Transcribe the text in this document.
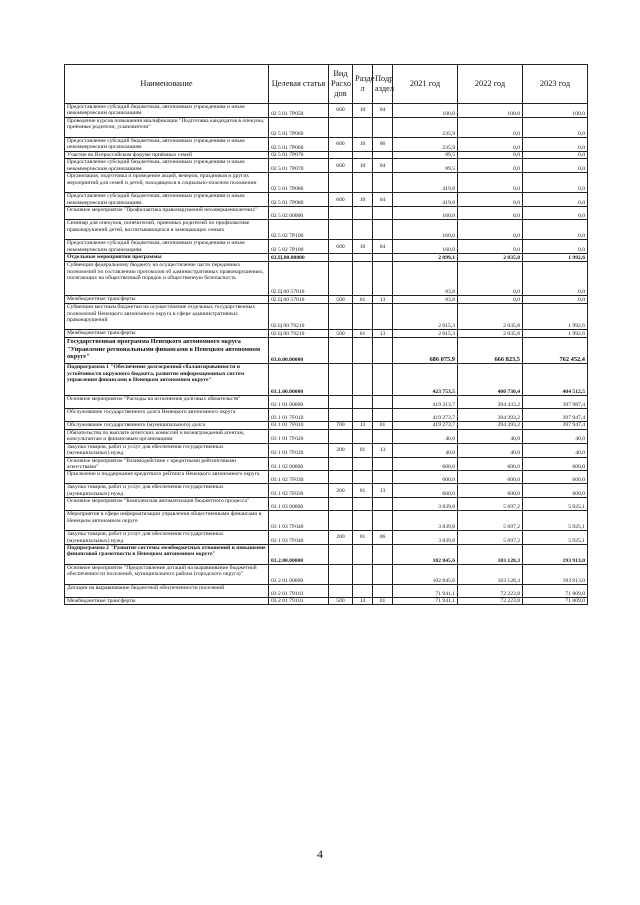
Наименование	Целевая статья	Вид Расхо дов	Разде л	Подр аздел	2021 год	2022 год	2023 год
Предоставление субсидий бюджетным, автономным учреждениям и иным некоммерческим организациям	02 5 01 7Р050	600	10	04	100,0	100,0	100,0
Проведение курсов повышения квалификации "Подготовка кандидатов в опекуны, приёмные родители, усыновители"	02 5 01 7Р060				235,9	0,0	0,0
Предоставление субсидий бюджетным, автономным учреждениям и иным некоммерческим организациям	02 5 01 7Р060	600	10	06	235,9	0,0	0,0
Участие во Всероссийском форуме приёмных семей	02 5 01 7Р070				89,5	0,0	0,0
Предоставление субсидий бюджетным, автономным учреждениям и иным некоммерческим организациям	02 5 01 7Р070	600	10	04	89,5	0,0	0,0
Организация, подготовка и проведение акций, вечеров, праздников и других мероприятий для семей и детей, находящихся в социально-опасном положении	02 5 01 7Р080				419,8	0,0	0,0
Предоставление субсидий бюджетным, автономным учреждениям и иным некоммерческим организациям	02 5 01 7Р080	600	10	04	419,8	0,0	0,0
Основное мероприятие "Профилактика правонарушений несовершеннолетних"	02 5 02 00000				160,0	0,0	0,0
Семинар для опекунов, попечителей, приемных родителей по профилактике правонарушений детей, воспитывающихся в замещающих семьях	02 5 02 7Р100				160,0	0,0	0,0
Предоставление субсидий бюджетным, автономным учреждениям и иным некоммерческим организациям	02 5 02 7Р100	600	10	04	160,0	0,0	0,0
Отдельные мероприятия программы	02.Ц.00.00000				2 099,1	2 035,8	1 992,6
Субвенции федеральному бюджету на осуществление части переданных полномочий по составлению протоколов об административных правонарушениях, посягающих на общественный порядок и общественную безопасность	02 Ц 00 57010				83,8	0,0	0,0
Межбюджетные трансферты	02 Ц 00 57010	500	01	13	83,8	0,0	0,0
Субвенции местным бюджетам на осуществление отдельных государственных полномочий Ненецкого автономного округа в сфере административных правонарушений	02 Ц 00 79210				2 015,3	2 035,8	1 992,6
Межбюджетные трансферты	02 Ц 00 79210	500	01	13	2 015,3	2 035,8	1 992,6
Государственная программа Ненецкого автономного округа "Управление региональными финансами в Ненецком автономном округе"	03.0.00.00000				686 075,9	666 823,5	762 452,4
Подпрограмма 1 "Обеспечение долгосрочной сбалансированности и устойчивости окружного бюджета, развитие информационных систем управления финансами в Ненецком автономном округе"	03.1.00.00000				423 753,5	400 730,4	404 512,5
Основное мероприятие "Расходы на исполнение долговых обязательств"	03 1 01 00000				419 313,7	394 433,2	397 987,4
Обслуживание государственного долга Ненецкого автономного округа	03 1 01 7F010				419 273,7	394 393,2	397 947,4
Обслуживание государственного (муниципального) долга	03 1 01 7F010	700	13	01	419 273,7	394 393,2	397 947,4
Обязательства по выплате агентских комиссий и вознаграждений агентам, консультантам и финансовым организациям	03 1 01 7F020				40,0	40,0	40,0
Закупка товаров, работ и услуг для обеспечения государственных (муниципальных) нужд	03 1 01 7F020	200	01	13	40,0	40,0	40,0
Основное мероприятие "Взаимодействие с кредитными рейтинговыми агентствами"	03 1 02 00000				600,0	600,0	600,0
Присвоение и поддержание кредитного рейтинга Ненецкого автономного округа	03 1 02 7F030				600,0	600,0	600,0
Закупка товаров, работ и услуг для обеспечения государственных (муниципальных) нужд	03 1 02 7F030	200	01	13	600,0	600,0	600,0
Основное мероприятие "Комплексная автоматизация бюджетного процесса"	03 1 03 00000				3 839,8	5 697,2	5 925,1
Мероприятия в сфере информатизации управления общественными финансами в Ненецком автономном округе	03 1 03 7F040				3 839,8	5 697,2	5 925,1
Закупка товаров, работ и услуг для обеспечения государственных (муниципальных) нужд	03 1 03 7F040	200	01	06	3 839,8	5 697,2	5 925,1
Подпрограмма 2 "Развитие системы межбюджетных отношений и повышение финансовой грамотности в Ненецком автономном округе"	03.2.00.00000				102 845,6	103 128,3	193 913,0
Основное мероприятие "Предоставление дотаций на выравнивание бюджетной обеспеченности поселений, муниципального района (городского округа)"	03 2 01 00000				102 845,6	103 128,3	193 913,0
Дотации на выравнивание бюджетной обеспеченности поселений	03 2 01 79110				71 941,1	72 223,8	71 809,0
Межбюджетные трансферты	03 2 01 79110	500	14	01	71 941,1	72 223,8	71 809,0
4
